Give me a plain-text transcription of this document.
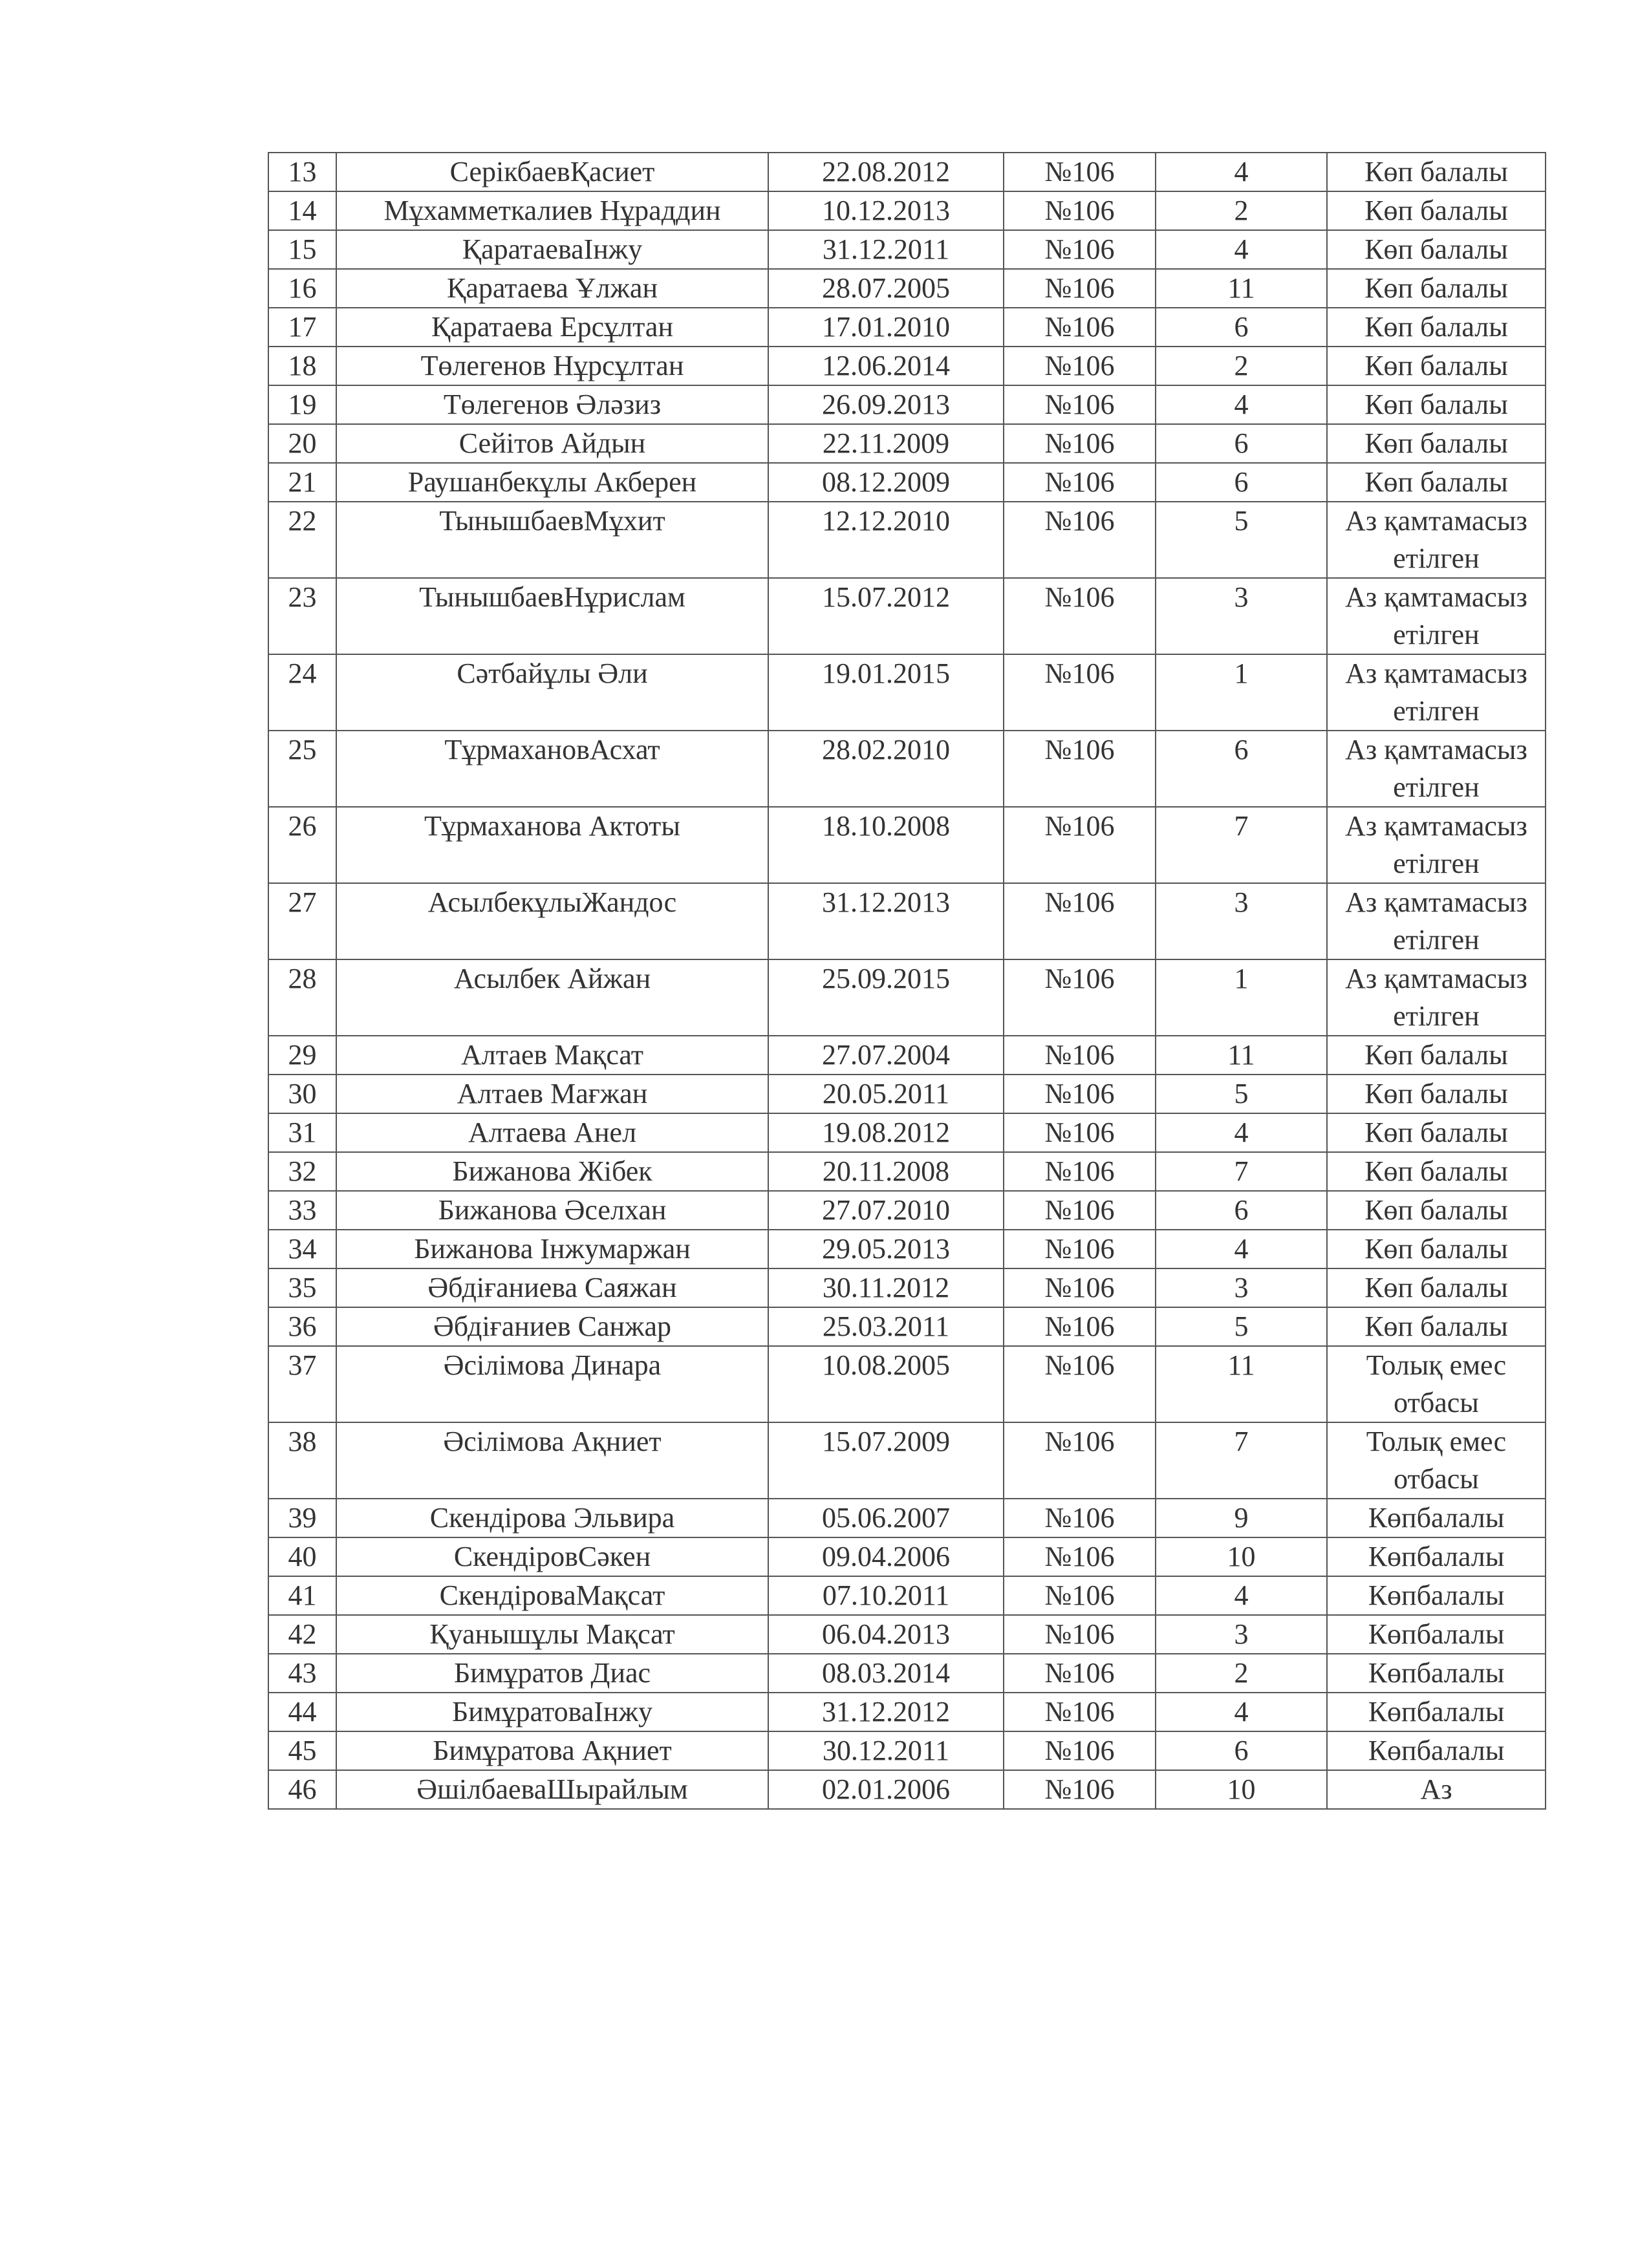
13	СерікбаевҚасиет	22.08.2012	№106	4	Көп балалы
14	Мұхамметкалиев Нұраддин	10.12.2013	№106	2	Көп балалы
15	ҚаратаеваІнжу	31.12.2011	№106	4	Көп балалы
16	Қаратаева Ұлжан	28.07.2005	№106	11	Көп балалы
17	Қаратаева Ерсұлтан	17.01.2010	№106	6	Көп балалы
18	Төлегенов Нұрсұлтан	12.06.2014	№106	2	Көп балалы
19	Төлегенов Әләзиз	26.09.2013	№106	4	Көп балалы
20	Сейітов Айдын	22.11.2009	№106	6	Көп балалы
21	Раушанбекұлы Акберен	08.12.2009	№106	6	Көп балалы
22	ТынышбаевМұхит	12.12.2010	№106	5	Аз қамтамасыз етілген
23	ТынышбаевНұрислам	15.07.2012	№106	3	Аз қамтамасыз етілген
24	Сәтбайұлы Әли	19.01.2015	№106	1	Аз қамтамасыз етілген
25	ТұрмахановАсхат	28.02.2010	№106	6	Аз қамтамасыз етілген
26	Тұрмаханова Актоты	18.10.2008	№106	7	Аз қамтамасыз етілген
27	АсылбекұлыЖандос	31.12.2013	№106	3	Аз қамтамасыз етілген
28	Асылбек Айжан	25.09.2015	№106	1	Аз қамтамасыз етілген
29	Алтаев Мақсат	27.07.2004	№106	11	Көп балалы
30	Алтаев Мағжан	20.05.2011	№106	5	Көп балалы
31	Алтаева Анел	19.08.2012	№106	4	Көп балалы
32	Бижанова Жібек	20.11.2008	№106	7	Көп балалы
33	Бижанова Әселхан	27.07.2010	№106	6	Көп балалы
34	Бижанова Інжумаржан	29.05.2013	№106	4	Көп балалы
35	Әбдіғаниева Саяжан	30.11.2012	№106	3	Көп балалы
36	Әбдіғаниев Санжар	25.03.2011	№106	5	Көп балалы
37	Әсілімова Динара	10.08.2005	№106	11	Толық емес отбасы
38	Әсілімова Ақниет	15.07.2009	№106	7	Толық емес отбасы
39	Скендірова Эльвира	05.06.2007	№106	9	Көпбалалы
40	СкендіровСәкен	09.04.2006	№106	10	Көпбалалы
41	СкендіроваМақсат	07.10.2011	№106	4	Көпбалалы
42	Қуанышұлы Мақсат	06.04.2013	№106	3	Көпбалалы
43	Бимұратов Диас	08.03.2014	№106	2	Көпбалалы
44	БимұратоваІнжу	31.12.2012	№106	4	Көпбалалы
45	Бимұратова Ақниет	30.12.2011	№106	6	Көпбалалы
46	ӘшілбаеваШырайлым	02.01.2006	№106	10	Аз
